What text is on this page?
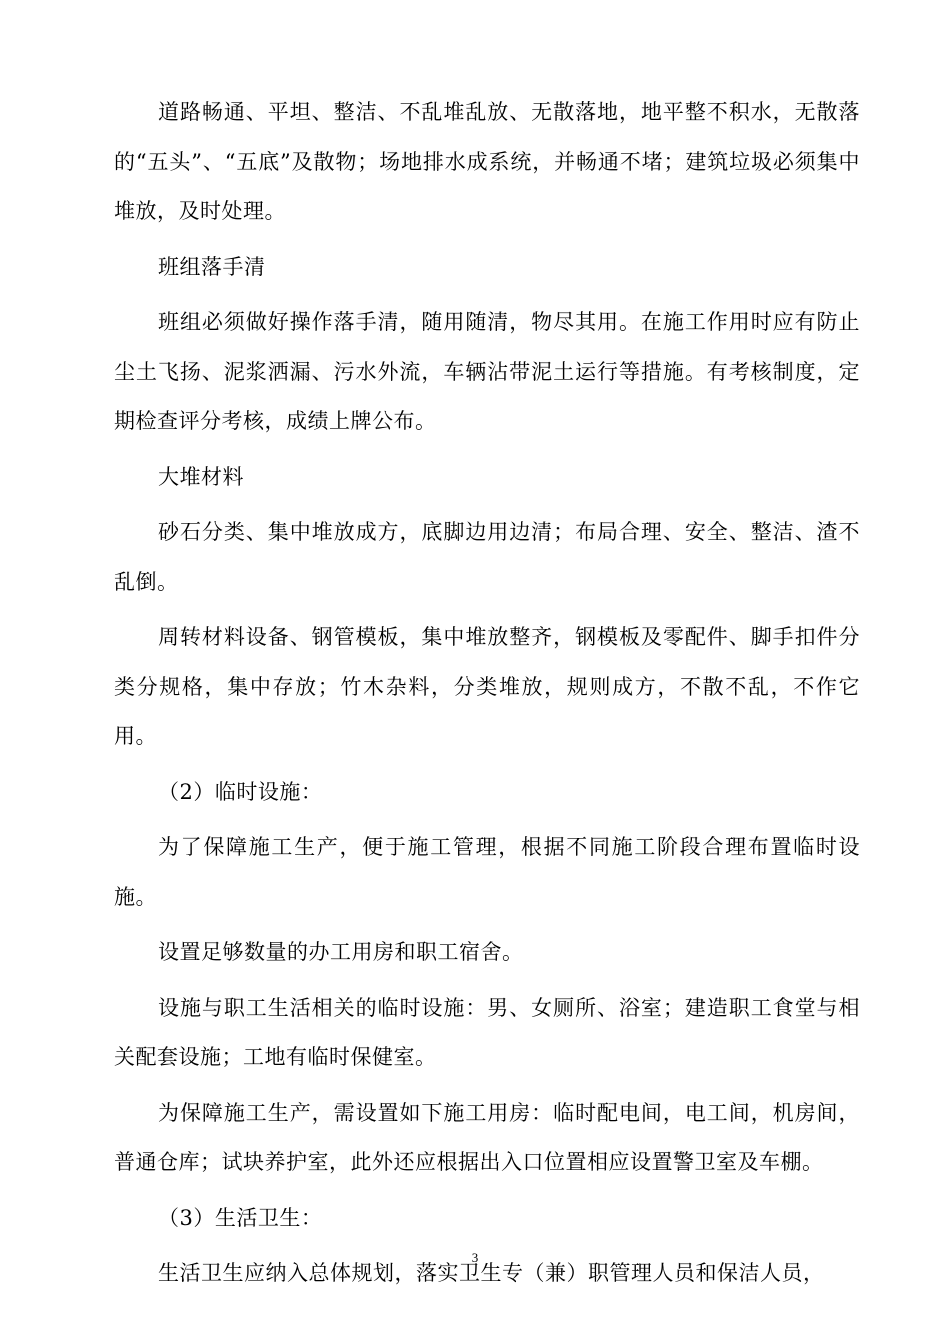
道路畅通、平坦、整洁、不乱堆乱放、无散落地，地平整不积水，无散落的“五头”、“五底”及散物；场地排水成系统，并畅通不堵；建筑垃圾必须集中堆放，及时处理。

班组落手清

班组必须做好操作落手清，随用随清，物尽其用。在施工作用时应有防止尘土飞扬、泥浆洒漏、污水外流，车辆沾带泥土运行等措施。有考核制度，定期检查评分考核，成绩上牌公布。

大堆材料

砂石分类、集中堆放成方，底脚边用边清；布局合理、安全、整洁、渣不乱倒。

周转材料设备、钢管模板，集中堆放整齐，钢模板及零配件、脚手扣件分类分规格，集中存放；竹木杂料，分类堆放，规则成方，不散不乱，不作它用。

（2）临时设施：

为了保障施工生产，便于施工管理，根据不同施工阶段合理布置临时设施。

设置足够数量的办工用房和职工宿舍。

设施与职工生活相关的临时设施：男、女厕所、浴室；建造职工食堂与相关配套设施；工地有临时保健室。

为保障施工生产，需设置如下施工用房：临时配电间，电工间，机房间，普通仓库；试块养护室，此外还应根据出入口位置相应设置警卫室及车棚。

（3）生活卫生：

生活卫生应纳入总体规划，落实卫生专（兼）职管理人员和保洁人员，

3
